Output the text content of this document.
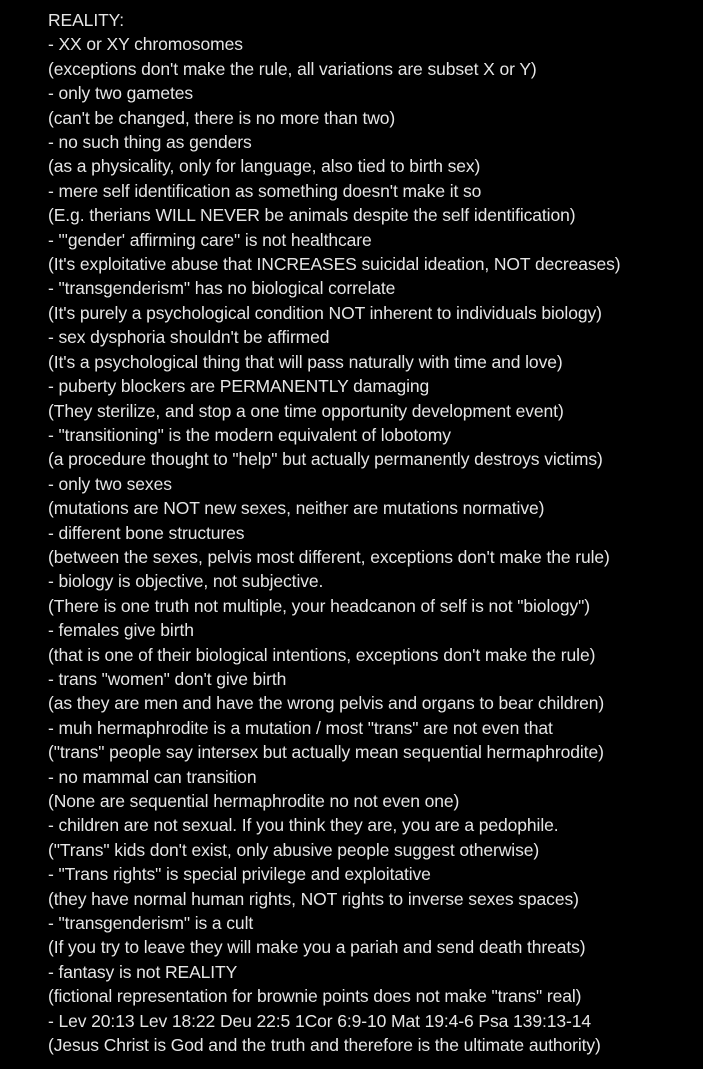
REALITY:
- XX or XY chromosomes
(exceptions don't make the rule, all variations are subset X or Y)
- only two gametes
(can't be changed, there is no more than two)
- no such thing as genders
(as a physicality, only for language, also tied to birth sex)
- mere self identification as something doesn't make it so
(E.g. therians WILL NEVER be animals despite the self identification)
- "'gender' affirming care" is not healthcare
(It's exploitative abuse that INCREASES suicidal ideation, NOT decreases)
- "transgenderism" has no biological correlate
(It's purely a psychological condition NOT inherent to individuals biology)
- sex dysphoria shouldn't be affirmed
(It's a psychological thing that will pass naturally with time and love)
- puberty blockers are PERMANENTLY damaging
(They sterilize, and stop a one time opportunity development event)
- "transitioning" is the modern equivalent of lobotomy
(a procedure thought to "help" but actually permanently destroys victims)
- only two sexes
(mutations are NOT new sexes, neither are mutations normative)
- different bone structures
(between the sexes, pelvis most different, exceptions don't make the rule)
- biology is objective, not subjective.
(There is one truth not multiple, your headcanon of self is not "biology")
- females give birth
(that is one of their biological intentions, exceptions don't make the rule)
- trans "women" don't give birth
(as they are men and have the wrong pelvis and organs to bear children)
- muh hermaphrodite is a mutation / most "trans" are not even that
("trans" people say intersex but actually mean sequential hermaphrodite)
- no mammal can transition
(None are sequential hermaphrodite no not even one)
- children are not sexual. If you think they are, you are a pedophile.
("Trans" kids don't exist, only abusive people suggest otherwise)
- "Trans rights" is special privilege and exploitative
(they have normal human rights, NOT rights to inverse sexes spaces)
- "transgenderism" is a cult
(If you try to leave they will make you a pariah and send death threats)
- fantasy is not REALITY
(fictional representation for brownie points does not make "trans" real)
- Lev 20:13 Lev 18:22 Deu 22:5 1Cor 6:9-10 Mat 19:4-6 Psa 139:13-14
(Jesus Christ is God and the truth and therefore is the ultimate authority)
